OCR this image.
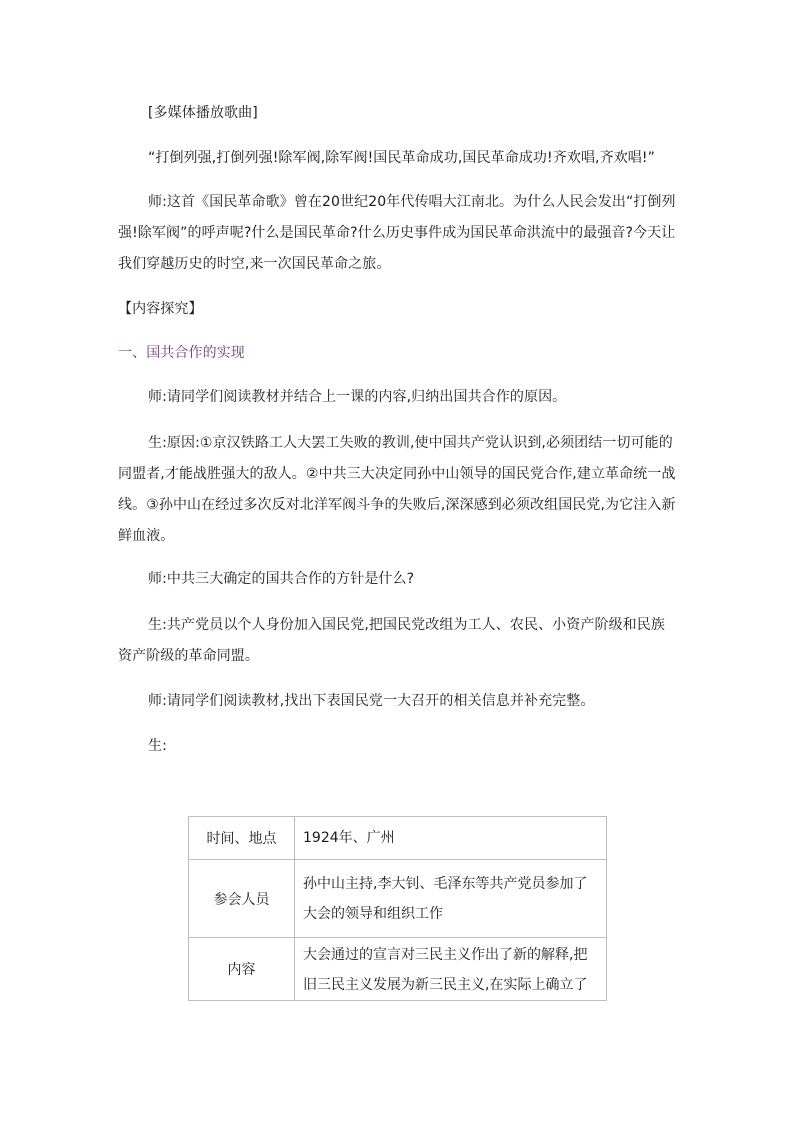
[多媒体播放歌曲]

“打倒列强,打倒列强!除军阀,除军阀!国民革命成功,国民革命成功!齐欢唱,齐欢唱!”

师:这首《国民革命歌》曾在20世纪20年代传唱大江南北。为什么人民会发出“打倒列强!除军阀”的呼声呢?什么是国民革命?什么历史事件成为国民革命洪流中的最强音?今天让我们穿越历史的时空,来一次国民革命之旅。

【内容探究】

一、国共合作的实现

师:请同学们阅读教材并结合上一课的内容,归纳出国共合作的原因。

生:原因:①京汉铁路工人大罢工失败的教训,使中国共产党认识到,必须团结一切可能的同盟者,才能战胜强大的敌人。②中共三大决定同孙中山领导的国民党合作,建立革命统一战线。③孙中山在经过多次反对北洋军阀斗争的失败后,深深感到必须改组国民党,为它注入新鲜血液。

师:中共三大确定的国共合作的方针是什么?

生:共产党员以个人身份加入国民党,把国民党改组为工人、农民、小资产阶级和民族资产阶级的革命同盟。

师:请同学们阅读教材,找出下表国民党一大召开的相关信息并补充完整。

生:

时间、地点	1924年、广州
参会人员	孙中山主持,李大钊、毛泽东等共产党员参加了大会的领导和组织工作
内容	大会通过的宣言对三民主义作出了新的解释,把旧三民主义发展为新三民主义,在实际上确立了
